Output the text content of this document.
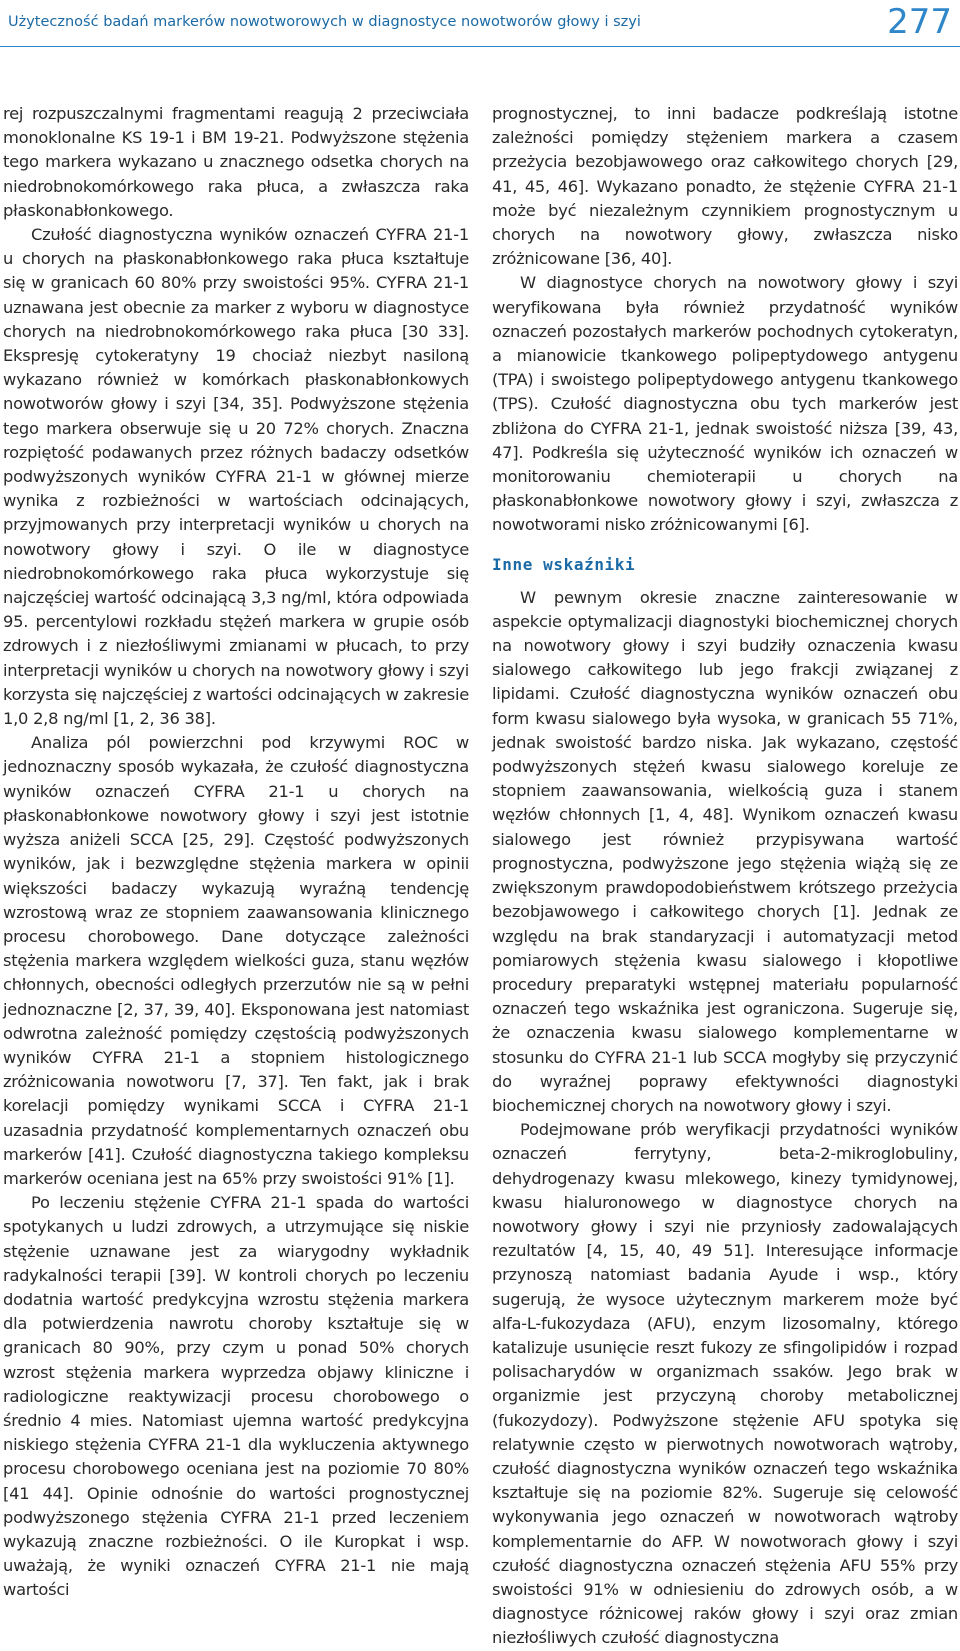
Użyteczność badań markerów nowotworowych w diagnostyce nowotworów głowy i szyi	277

rej rozpuszczalnymi fragmentami reagują 2 przeciwciała monoklonalne KS 19-1 i BM 19-21. Podwyższone stężenia tego markera wykazano u znacznego odsetka chorych na niedrobnokomórkowego raka płuca, a zwłaszcza raka płaskonabłonkowego.

Czułość diagnostyczna wyników oznaczeń CYFRA 21-1 u chorych na płaskonabłonkowego raka płuca kształtuje się w granicach 60 80% przy swoistości 95%. CYFRA 21-1 uznawana jest obecnie za marker z wyboru w diagnostyce chorych na niedrobnokomórkowego raka płuca [30 33]. Ekspresję cytokeratyny 19 chociaż niezbyt nasiloną wykazano również w komórkach płaskonabłonkowych nowotworów głowy i szyi [34, 35]. Podwyższone stężenia tego markera obserwuje się u 20 72% chorych. Znaczna rozpiętość podawanych przez różnych badaczy odsetków podwyższonych wyników CYFRA 21-1 w głównej mierze wynika z rozbieżności w wartościach odcinających, przyjmowanych przy interpretacji wyników u chorych na nowotwory głowy i szyi. O ile w diagnostyce niedrobnokomórkowego raka płuca wykorzystuje się najczęściej wartość odcinającą 3,3 ng/ml, która odpowiada 95. percentylowi rozkładu stężeń markera w grupie osób zdrowych i z niezłośliwymi zmianami w płucach, to przy interpretacji wyników u chorych na nowotwory głowy i szyi korzysta się najczęściej z wartości odcinających w zakresie 1,0 2,8 ng/ml [1, 2, 36 38].

Analiza pól powierzchni pod krzywymi ROC w jednoznaczny sposób wykazała, że czułość diagnostyczna wyników oznaczeń CYFRA 21-1 u chorych na płaskonabłonkowe nowotwory głowy i szyi jest istotnie wyższa aniżeli SCCA [25, 29]. Częstość podwyższonych wyników, jak i bezwzględne stężenia markera w opinii większości badaczy wykazują wyraźną tendencję wzrostową wraz ze stopniem zaawansowania klinicznego procesu chorobowego. Dane dotyczące zależności stężenia markera względem wielkości guza, stanu węzłów chłonnych, obecności odległych przerzutów nie są w pełni jednoznaczne [2, 37, 39, 40]. Eksponowana jest natomiast odwrotna zależność pomiędzy częstością podwyższonych wyników CYFRA 21-1 a stopniem histologicznego zróżnicowania nowotworu [7, 37]. Ten fakt, jak i brak korelacji pomiędzy wynikami SCCA i CYFRA 21-1 uzasadnia przydatność komplementarnych oznaczeń obu markerów [41]. Czułość diagnostyczna takiego kompleksu markerów oceniana jest na 65% przy swoistości 91% [1].

Po leczeniu stężenie CYFRA 21-1 spada do wartości spotykanych u ludzi zdrowych, a utrzymujące się niskie stężenie uznawane jest za wiarygodny wykładnik radykalności terapii [39]. W kontroli chorych po leczeniu dodatnia wartość predykcyjna wzrostu stężenia markera dla potwierdzenia nawrotu choroby kształtuje się w granicach 80 90%, przy czym u ponad 50% chorych wzrost stężenia markera wyprzedza objawy kliniczne i radiologiczne reaktywizacji procesu chorobowego o średnio 4 mies. Natomiast ujemna wartość predykcyjna niskiego stężenia CYFRA 21-1 dla wykluczenia aktywnego procesu chorobowego oceniana jest na poziomie 70 80% [41 44]. Opinie odnośnie do wartości prognostycznej podwyższonego stężenia CYFRA 21-1 przed leczeniem wykazują znaczne rozbieżności. O ile Kuropkat i wsp. uważają, że wyniki oznaczeń CYFRA 21-1 nie mają wartości

prognostycznej, to inni badacze podkreślają istotne zależności pomiędzy stężeniem markera a czasem przeżycia bezobjawowego oraz całkowitego chorych [29, 41, 45, 46]. Wykazano ponadto, że stężenie CYFRA 21-1 może być niezależnym czynnikiem prognostycznym u chorych na nowotwory głowy, zwłaszcza nisko zróżnicowane [36, 40].

W diagnostyce chorych na nowotwory głowy i szyi weryfikowana była również przydatność wyników oznaczeń pozostałych markerów pochodnych cytokeratyn, a mianowicie tkankowego polipeptydowego antygenu (TPA) i swoistego polipeptydowego antygenu tkankowego (TPS). Czułość diagnostyczna obu tych markerów jest zbliżona do CYFRA 21-1, jednak swoistość niższa [39, 43, 47]. Podkreśla się użyteczność wyników ich oznaczeń w monitorowaniu chemioterapii u chorych na płaskonabłonkowe nowotwory głowy i szyi, zwłaszcza z nowotworami nisko zróżnicowanymi [6].

Inne wskaźniki

W pewnym okresie znaczne zainteresowanie w aspekcie optymalizacji diagnostyki biochemicznej chorych na nowotwory głowy i szyi budziły oznaczenia kwasu sialowego całkowitego lub jego frakcji związanej z lipidami. Czułość diagnostyczna wyników oznaczeń obu form kwasu sialowego była wysoka, w granicach 55 71%, jednak swoistość bardzo niska. Jak wykazano, częstość podwyższonych stężeń kwasu sialowego koreluje ze stopniem zaawansowania, wielkością guza i stanem węzłów chłonnych [1, 4, 48]. Wynikom oznaczeń kwasu sialowego jest również przypisywana wartość prognostyczna, podwyższone jego stężenia wiążą się ze zwiększonym prawdopodobieństwem krótszego przeżycia bezobjawowego i całkowitego chorych [1]. Jednak ze względu na brak standaryzacji i automatyzacji metod pomiarowych stężenia kwasu sialowego i kłopotliwe procedury preparatyki wstępnej materiału popularność oznaczeń tego wskaźnika jest ograniczona. Sugeruje się, że oznaczenia kwasu sialowego komplementarne w stosunku do CYFRA 21-1 lub SCCA mogłyby się przyczynić do wyraźnej poprawy efektywności diagnostyki biochemicznej chorych na nowotwory głowy i szyi.

Podejmowane prób weryfikacji przydatności wyników oznaczeń ferrytyny, beta-2-mikroglobuliny, dehydrogenazy kwasu mlekowego, kinezy tymidynowej, kwasu hialuronowego w diagnostyce chorych na nowotwory głowy i szyi nie przyniosły zadowalających rezultatów [4, 15, 40, 49 51]. Interesujące informacje przynoszą natomiast badania Ayude i wsp., który sugerują, że wysoce użytecznym markerem może być alfa-L-fukozydaza (AFU), enzym lizosomalny, którego katalizuje usunięcie reszt fukozy ze sfingolipidów i rozpad polisacharydów w organizmach ssaków. Jego brak w organizmie jest przyczyną choroby metabolicznej (fukozydozy). Podwyższone stężenie AFU spotyka się relatywnie często w pierwotnych nowotworach wątroby, czułość diagnostyczna wyników oznaczeń tego wskaźnika kształtuje się na poziomie 82%. Sugeruje się celowość wykonywania jego oznaczeń w nowotworach wątroby komplementarnie do AFP. W nowotworach głowy i szyi czułość diagnostyczna oznaczeń stężenia AFU 55% przy swoistości 91% w odniesieniu do zdrowych osób, a w diagnostyce różnicowej raków głowy i szyi oraz zmian niezłośliwych czułość diagnostyczna
